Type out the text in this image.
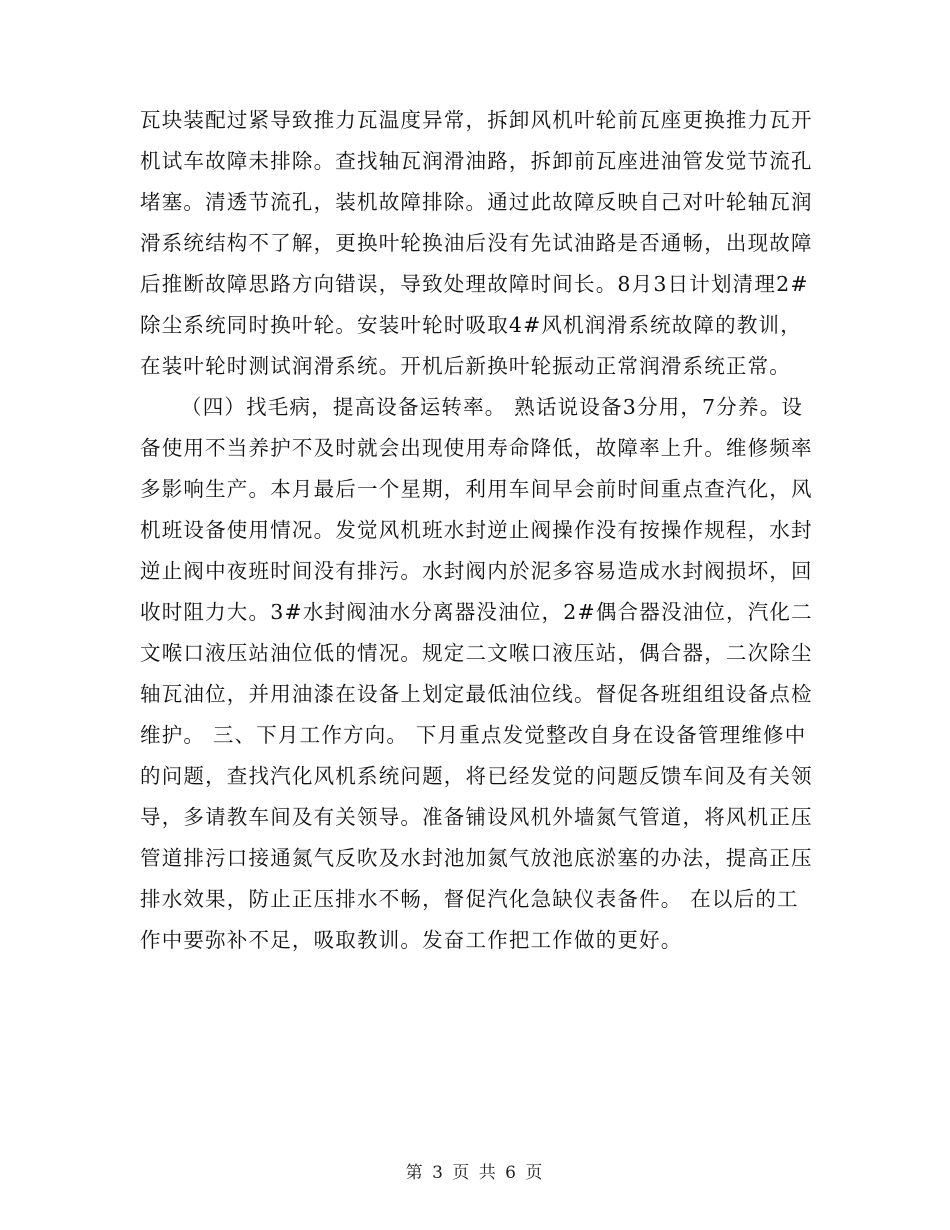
瓦块装配过紧导致推力瓦温度异常，拆卸风机叶轮前瓦座更换推力瓦开机试车故障未排除。查找轴瓦润滑油路，拆卸前瓦座进油管发觉节流孔堵塞。清透节流孔，装机故障排除。通过此故障反映自己对叶轮轴瓦润滑系统结构不了解，更换叶轮换油后没有先试油路是否通畅，出现故障后推断故障思路方向错误，导致处理故障时间长。8月3日计划清理2#除尘系统同时换叶轮。安装叶轮时吸取4#风机润滑系统故障的教训，在装叶轮时测试润滑系统。开机后新换叶轮振动正常润滑系统正常。

（四）找毛病，提高设备运转率。 熟话说设备3分用，7分养。设备使用不当养护不及时就会出现使用寿命降低，故障率上升。维修频率多影响生产。本月最后一个星期，利用车间早会前时间重点查汽化，风机班设备使用情况。发觉风机班水封逆止阀操作没有按操作规程，水封逆止阀中夜班时间没有排污。水封阀内於泥多容易造成水封阀损坏，回收时阻力大。3#水封阀油水分离器没油位，2#偶合器没油位，汽化二文喉口液压站油位低的情况。规定二文喉口液压站，偶合器，二次除尘轴瓦油位，并用油漆在设备上划定最低油位线。督促各班组组设备点检维护。 三、下月工作方向。 下月重点发觉整改自身在设备管理维修中的问题，查找汽化风机系统问题，将已经发觉的问题反馈车间及有关领导，多请教车间及有关领导。准备铺设风机外墙氮气管道，将风机正压管道排污口接通氮气反吹及水封池加氮气放池底淤塞的办法，提高正压排水效果，防止正压排水不畅，督促汽化急缺仪表备件。 在以后的工作中要弥补不足，吸取教训。发奋工作把工作做的更好。

第 3 页 共 6 页
